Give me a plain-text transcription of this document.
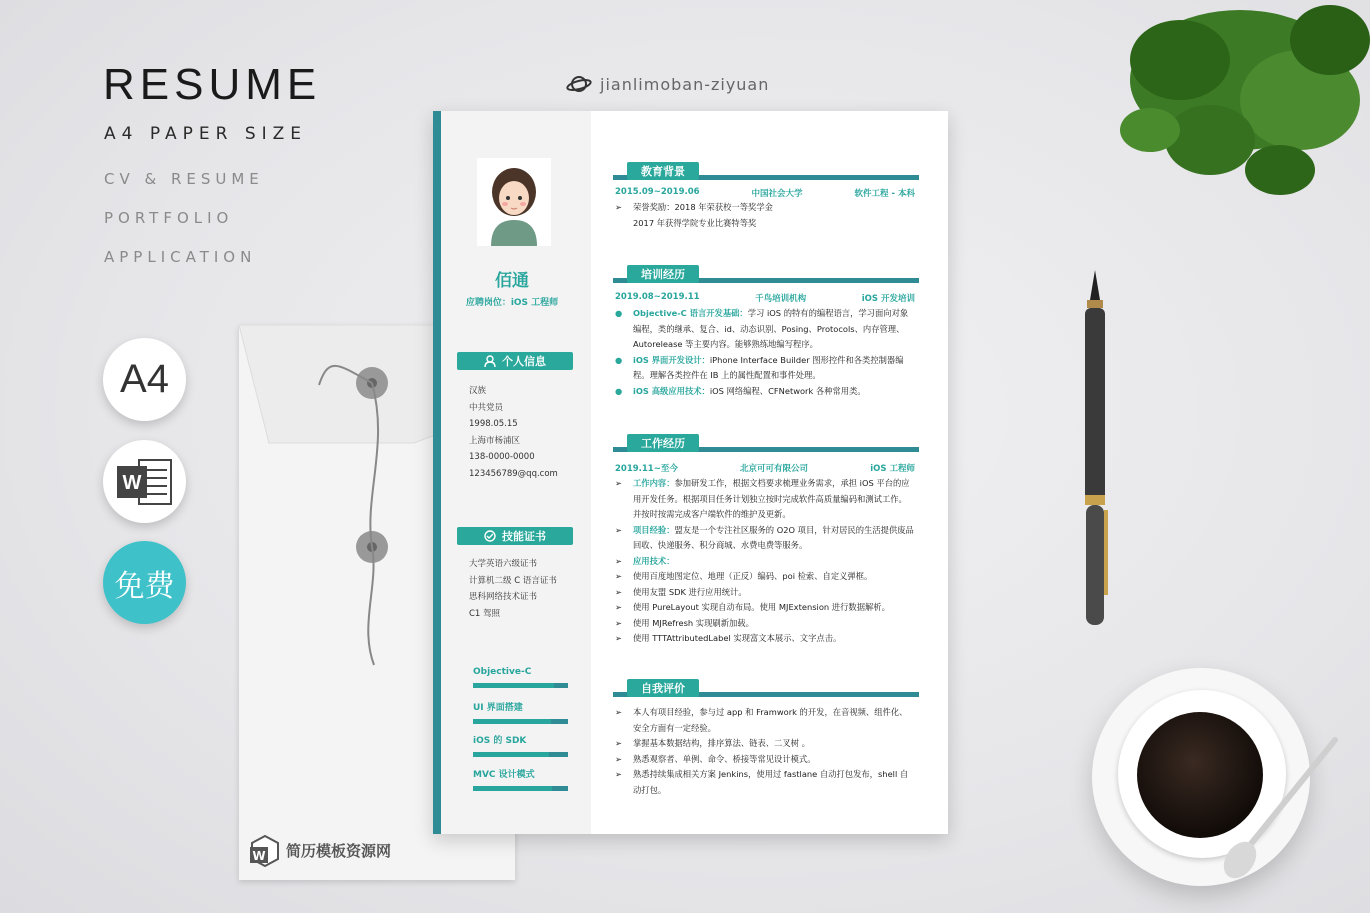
RESUME
A4 PAPER SIZE
CV & RESUME
PORTFOLIO
APPLICATION
A4
W
免费
jianlimoban-ziyuan
W 简历模板资源网
佰通
应聘岗位：iOS 工程师
个人信息
汉族
中共党员
1998.05.15
上海市杨浦区
138-0000-0000
123456789@qq.com
技能证书
大学英语六级证书
计算机二级 C 语言证书
思科网络技术证书
C1 驾照
Objective-C
UI 界面搭建
iOS 的 SDK
MVC 设计模式
教育背景
2015.09~2019.06	中国社会大学	软件工程 - 本科
➢	荣誉奖励：2018 年荣获校一等奖学金
2017 年获得学院专业比赛特等奖
培训经历
2019.08~2019.11	千鸟培训机构	iOS 开发培训
●	Objective-C 语言开发基础：学习 iOS 的特有的编程语言，学习面向对象编程，类的继承、复合、id、动态识别、Posing、Protocols、内存管理、Autorelease 等主要内容。能够熟练地编写程序。
●	iOS 界面开发设计：iPhone Interface Builder 图形控件和各类控制器编程。理解各类控件在 IB 上的属性配置和事件处理。
●	iOS 高级应用技术：iOS 网络编程、CFNetwork 各种常用类。
工作经历
2019.11~至今	北京可可有限公司	iOS 工程师
➢	工作内容：参加研发工作，根据文档要求梳理业务需求，承担 iOS 平台的应用开发任务。根据项目任务计划独立按时完成软件高质量编码和测试工作。并按时按需完成客户端软件的维护及更新。
➢	项目经验：盟友是一个专注社区服务的 O2O 项目，针对居民的生活提供废品回收、快递服务、积分商城、水费电费等服务。
➢	应用技术：
➢	使用百度地图定位、地理（正反）编码、poi 检索、自定义弹框。
➢	使用友盟 SDK 进行应用统计。
➢	使用 PureLayout 实现自动布局。使用 MJExtension 进行数据解析。
➢	使用 MJRefresh 实现刷新加载。
➢	使用 TTTAttributedLabel 实现富文本展示、文字点击。
自我评价
➢	本人有项目经验，参与过 app 和 Framwork 的开发，在音视频、组件化、安全方面有一定经验。
➢	掌握基本数据结构，排序算法、链表、二叉树 。
➢	熟悉观察者、单例、命令、桥接等常见设计模式。
➢	熟悉持续集成相关方案 Jenkins，使用过 fastlane 自动打包发布，shell 自动打包。
